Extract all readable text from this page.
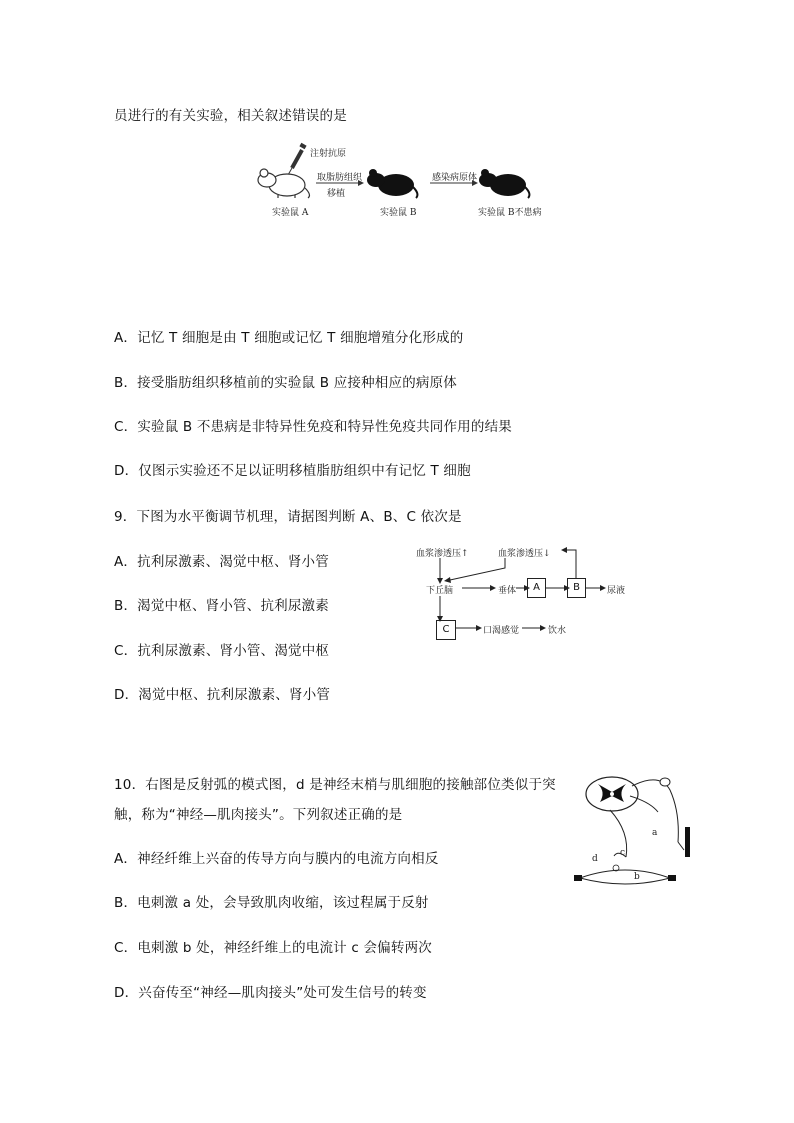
员进行的有关实验，相关叙述错误的是
注射抗原
取脂肪组织
移植
感染病原体
实验鼠 A	实验鼠 B	实验鼠 B不患病
A．记忆 T 细胞是由 T 细胞或记忆 T 细胞增殖分化形成的
B．接受脂肪组织移植前的实验鼠 B 应接种相应的病原体
C．实验鼠 B 不患病是非特异性免疫和特异性免疫共同作用的结果
D．仅图示实验还不足以证明移植脂肪组织中有记忆 T 细胞
9．下图为水平衡调节机理，请据图判断 A、B、C 依次是
A．抗利尿激素、渴觉中枢、肾小管
B．渴觉中枢、肾小管、抗利尿激素
C．抗利尿激素、肾小管、渴觉中枢
D．渴觉中枢、抗利尿激素、肾小管
血浆渗透压↑	血浆渗透压↓
下丘脑	垂体	A	B	尿液
C	口渴感觉	饮水
10．右图是反射弧的模式图，d 是神经末梢与肌细胞的接触部位类似于突
触，称为“神经—肌肉接头”。下列叙述正确的是
A．神经纤维上兴奋的传导方向与膜内的电流方向相反
B．电刺激 a 处，会导致肌肉收缩，该过程属于反射
C．电刺激 b 处，神经纤维上的电流计 c 会偏转两次
D．兴奋传至“神经—肌肉接头”处可发生信号的转变
a
b
c
d
